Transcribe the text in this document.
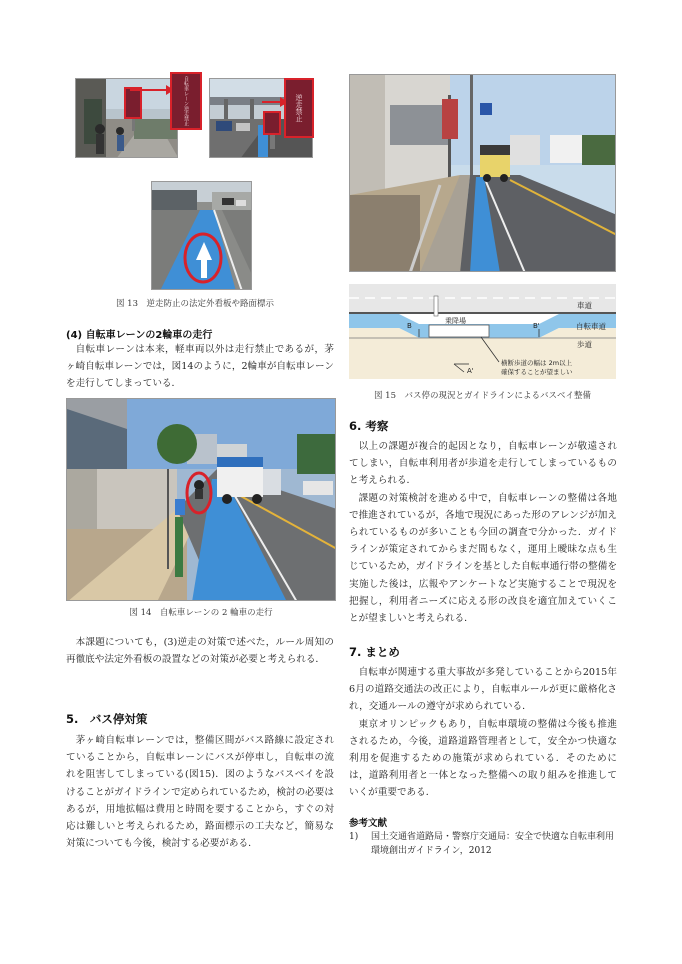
自転車レーン逆走禁止	逆走禁止
図 13　逆走防止の法定外看板や路面標示
(4) 自転車レーンの2輪車の走行

自転車レーンは本来，軽車両以外は走行禁止であるが，茅ヶ崎自転車レーンでは，図14のように，2輪車が自転車レーンを走行してしまっている．

図 14　自転車レーンの 2 輪車の走行

本課題についても，(3)逆走の対策で述べた，ルール周知の再徹底や法定外看板の設置などの対策が必要と考えられる．

5.　バス停対策

茅ヶ崎自転車レーンでは，整備区間がバス路線に設定されていることから，自転車レーンにバスが停車し，自転車の流れを阻害してしまっている(図15)．図のようなバスベイを設けることがガイドラインで定められているため，検討の必要はあるが，用地拡幅は費用と時間を要することから，すぐの対応は難しいと考えられるため，路面標示の工夫など，簡易な対策についても今後，検討する必要がある．

車道
自転車道
歩道
乗降場
B	B'
A'
横断歩道の幅は 2m以上
確保することが望ましい
図 15　バス停の現況とガイドラインによるバスベイ整備
6. 考察

以上の課題が複合的起因となり，自転車レーンが敬遠されてしまい，自転車利用者が歩道を走行してしまっているものと考えられる．

課題の対策検討を進める中で，自転車レーンの整備は各地で推進されているが，各地で現況にあった形のアレンジが加えられているものが多いことも今回の調査で分かった．ガイドラインが策定されてからまだ間もなく，運用上曖昧な点も生じているため，ガイドラインを基とした自転車通行帯の整備を実施した後は，広報やアンケートなど実施することで現況を把握し，利用者ニーズに応える形の改良を適宜加えていくことが望ましいと考えられる．

7. まとめ

自転車が関連する重大事故が多発していることから2015年6月の道路交通法の改正により，自転車ルールが更に厳格化され，交通ルールの遵守が求められている．

東京オリンピックもあり，自転車環境の整備は今後も推進されるため，今後，道路道路管理者として，安全かつ快適な利用を促進するための施策が求められている．そのためには，道路利用者と一体となった整備への取り組みを推進していくが重要である．

参考文献
1) 国土交通省道路局・警察庁交通局：安全で快適な自転車利用環境創出ガイドライン，2012
